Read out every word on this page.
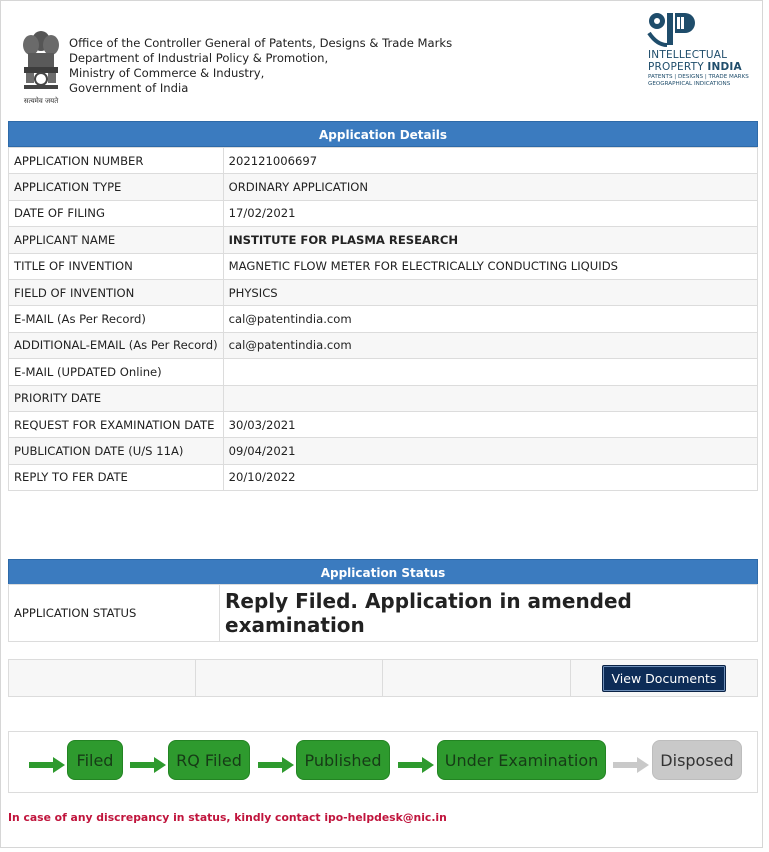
सत्यमेव जयते
Office of the Controller General of Patents, Designs & Trade Marks
Department of Industrial Policy & Promotion,
Ministry of Commerce & Industry,
Government of India
INTELLECTUAL
PROPERTY INDIA
PATENTS | DESIGNS | TRADE MARKS
GEOGRAPHICAL INDICATIONS
Application Details
APPLICATION NUMBER	202121006697
APPLICATION TYPE	ORDINARY APPLICATION
DATE OF FILING	17/02/2021
APPLICANT NAME	INSTITUTE FOR PLASMA RESEARCH
TITLE OF INVENTION	MAGNETIC FLOW METER FOR ELECTRICALLY CONDUCTING LIQUIDS
FIELD OF INVENTION	PHYSICS
E-MAIL (As Per Record)	cal@patentindia.com
ADDITIONAL-EMAIL (As Per Record)	cal@patentindia.com
E-MAIL (UPDATED Online)	
PRIORITY DATE	
REQUEST FOR EXAMINATION DATE	30/03/2021
PUBLICATION DATE (U/S 11A)	09/04/2021
REPLY TO FER DATE	20/10/2022
Application Status
APPLICATION STATUS	Reply Filed. Application in amended examination
View Documents
Filed	RQ Filed	Published	Under Examination	Disposed
In case of any discrepancy in status, kindly contact ipo-helpdesk@nic.in
